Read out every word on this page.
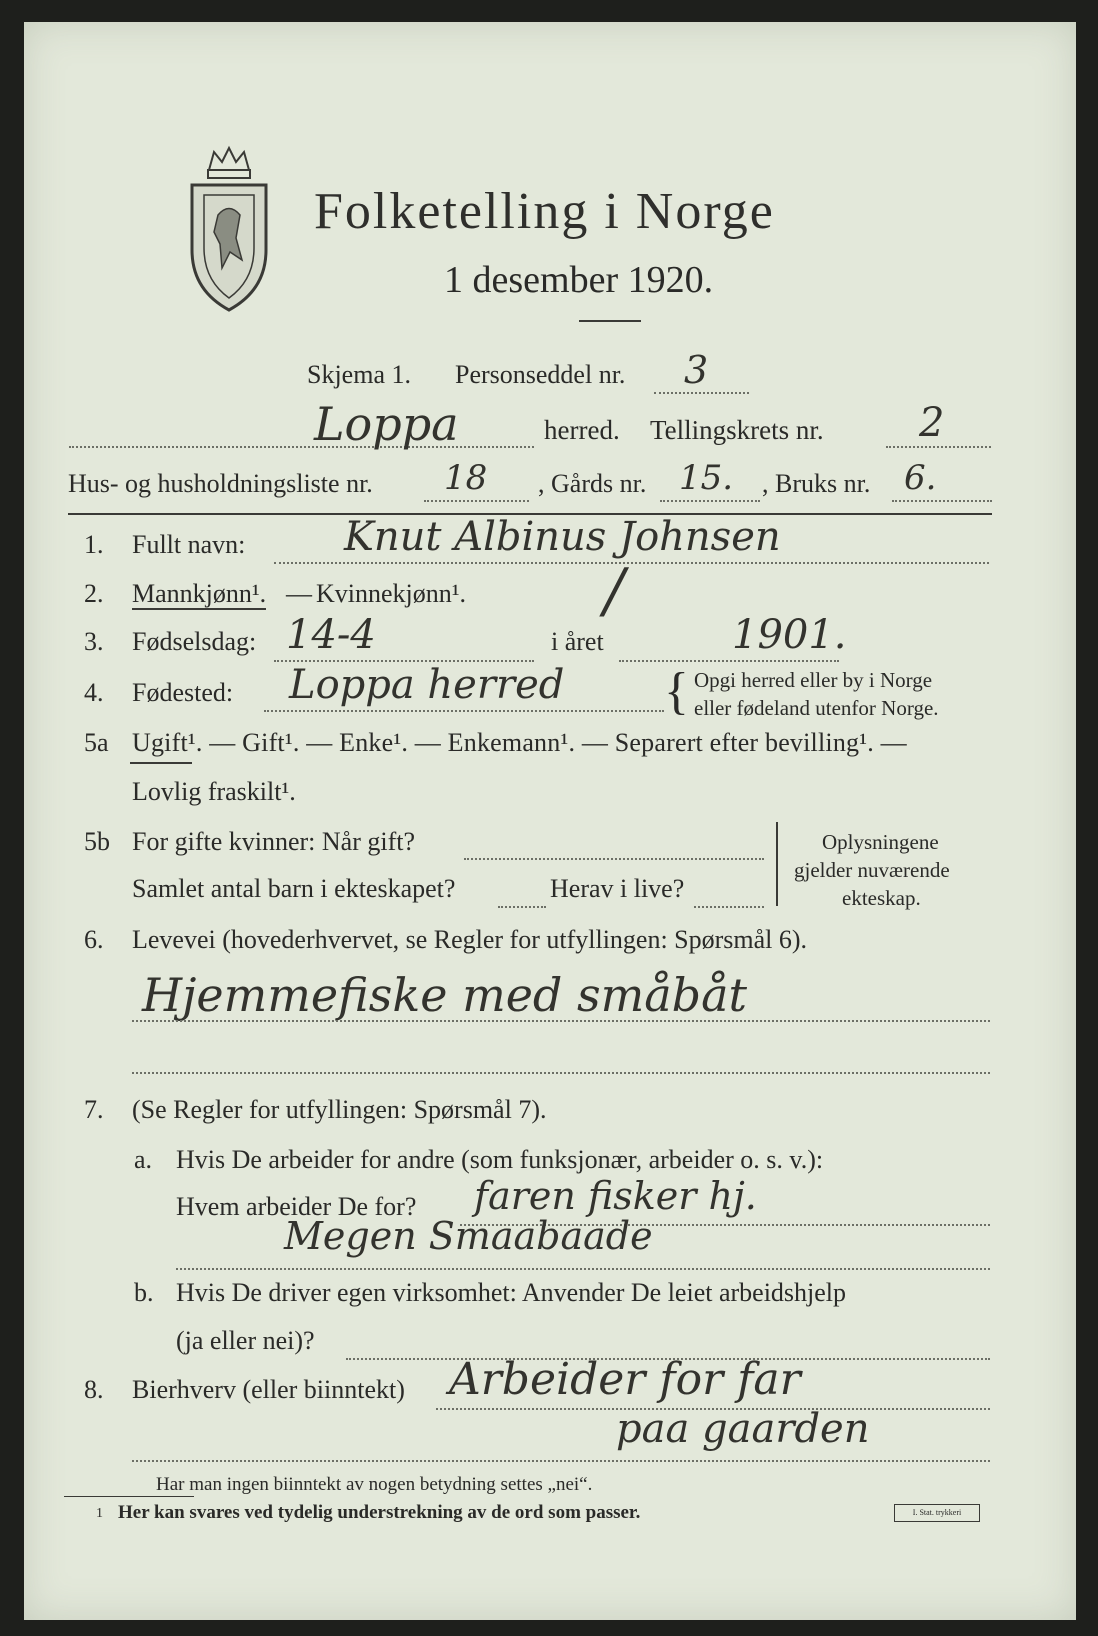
Folketelling i Norge
1 desember 1920.
Skjema 1. Personseddel nr. 3
Loppa	herred. Tellingskrets nr. 2
Hus- og husholdningsliste nr. 18 , Gårds nr. 15. , Bruks nr. 6.
1. Fullt navn: Knut Albinus Johnsen
2. Mannkjønn¹. — Kvinnekjønn¹. /
3. Fødselsdag: 14-4	i året	1901.
4. Fødested: Loppa herred { Opgi herred eller by i Norge
eller fødeland utenfor Norge.
5a Ugift¹. — Gift¹. — Enke¹. — Enkemann¹. — Separert efter bevilling¹. —
Lovlig fraskilt¹.
5b For gifte kvinner: Når gift?
Samlet antal barn i ekteskapet?	Herav i live?
Oplysningene
gjelder nuværende
ekteskap.
6. Levevei (hovederhvervet, se Regler for utfyllingen: Spørsmål 6).
Hjemmefiske med småbåt
7. (Se Regler for utfyllingen: Spørsmål 7).
a. Hvis De arbeider for andre (som funksjonær, arbeider o. s. v.):
Hvem arbeider De for? faren fisker hj.
Megen Smaabaade
b. Hvis De driver egen virksomhet: Anvender De leiet arbeidshjelp
(ja eller nei)?
8. Bierhverv (eller biinntekt) Arbeider for far
paa gaarden
Har man ingen biinntekt av nogen betydning settes „nei“.
1 Her kan svares ved tydelig understrekning av de ord som passer.	I. Stat. trykkeri
